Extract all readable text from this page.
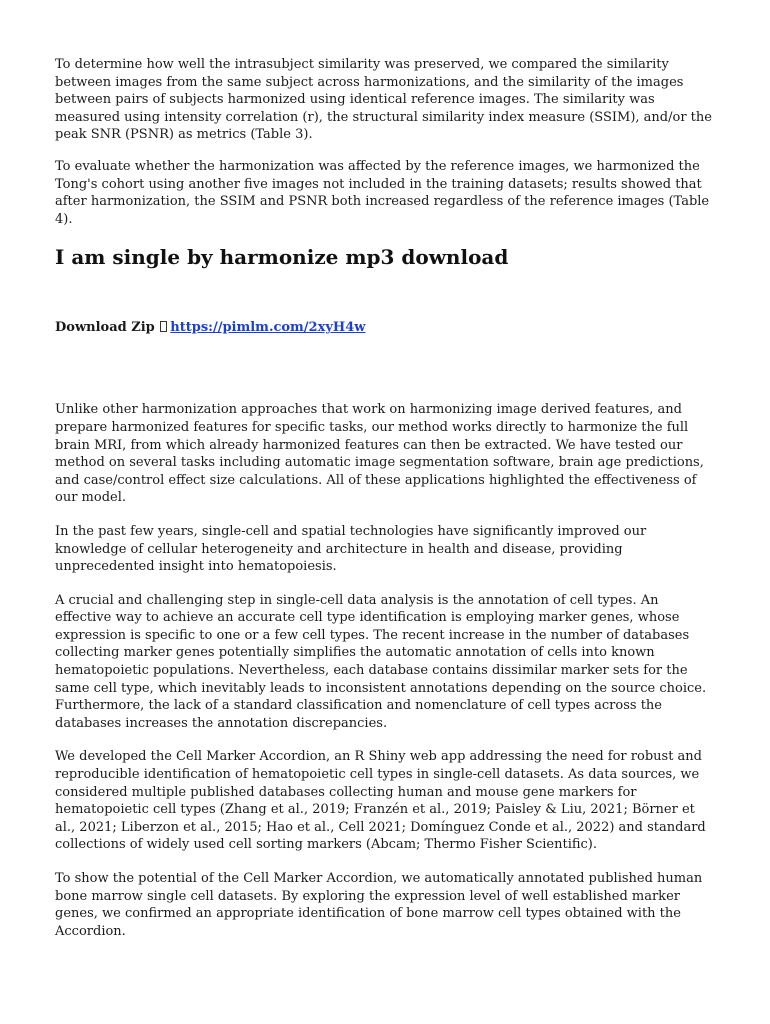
To determine how well the intrasubject similarity was preserved, we compared the similarity between images from the same subject across harmonizations, and the similarity of the images between pairs of subjects harmonized using identical reference images. The similarity was measured using intensity correlation (r), the structural similarity index measure (SSIM), and/or the peak SNR (PSNR) as metrics (Table 3).

To evaluate whether the harmonization was affected by the reference images, we harmonized the Tong's cohort using another five images not included in the training datasets; results showed that after harmonization, the SSIM and PSNR both increased regardless of the reference images (Table 4).

I am single by harmonize mp3 download
Download Zip https://pimlm.com/2xyH4w

Unlike other harmonization approaches that work on harmonizing image derived features, and prepare harmonized features for specific tasks, our method works directly to harmonize the full brain MRI, from which already harmonized features can then be extracted. We have tested our method on several tasks including automatic image segmentation software, brain age predictions, and case/control effect size calculations. All of these applications highlighted the effectiveness of our model.

In the past few years, single-cell and spatial technologies have significantly improved our knowledge of cellular heterogeneity and architecture in health and disease, providing unprecedented insight into hematopoiesis.

A crucial and challenging step in single-cell data analysis is the annotation of cell types. An effective way to achieve an accurate cell type identification is employing marker genes, whose expression is specific to one or a few cell types. The recent increase in the number of databases collecting marker genes potentially simplifies the automatic annotation of cells into known hematopoietic populations. Nevertheless, each database contains dissimilar marker sets for the same cell type, which inevitably leads to inconsistent annotations depending on the source choice. Furthermore, the lack of a standard classification and nomenclature of cell types across the databases increases the annotation discrepancies.

We developed the Cell Marker Accordion, an R Shiny web app addressing the need for robust and reproducible identification of hematopoietic cell types in single-cell datasets. As data sources, we considered multiple published databases collecting human and mouse gene markers for hematopoietic cell types (Zhang et al., 2019; Franzén et al., 2019; Paisley & Liu, 2021; Börner et al., 2021; Liberzon et al., 2015; Hao et al., Cell 2021; Domínguez Conde et al., 2022) and standard collections of widely used cell sorting markers (Abcam; Thermo Fisher Scientific).

To show the potential of the Cell Marker Accordion, we automatically annotated published human bone marrow single cell datasets. By exploring the expression level of well established marker genes, we confirmed an appropriate identification of bone marrow cell types obtained with the Accordion.
